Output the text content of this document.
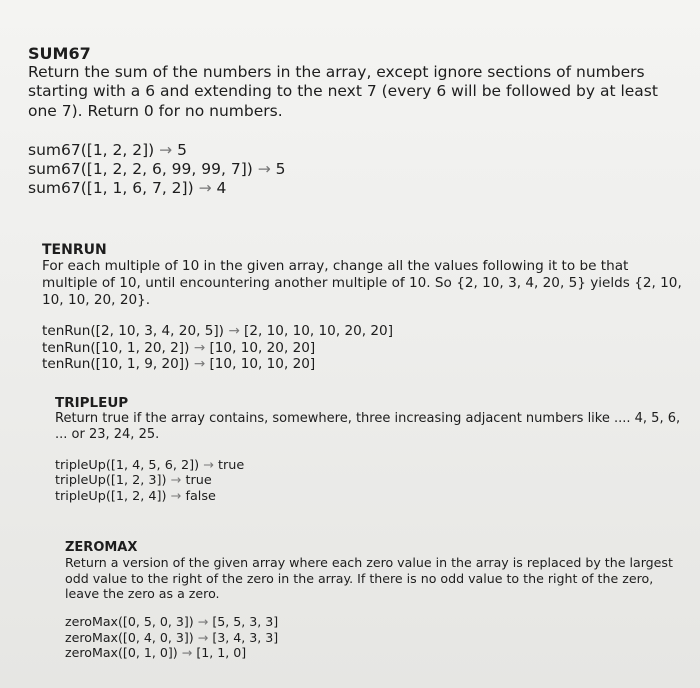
SUM67
Return the sum of the numbers in the array, except ignore sections of numbers starting with a 6 and extending to the next 7 (every 6 will be followed by at least one 7). Return 0 for no numbers.
sum67([1, 2, 2]) → 5
sum67([1, 2, 2, 6, 99, 99, 7]) → 5
sum67([1, 1, 6, 7, 2]) → 4
TENRUN
For each multiple of 10 in the given array, change all the values following it to be that multiple of 10, until encountering another multiple of 10. So {2, 10, 3, 4, 20, 5} yields {2, 10, 10, 10, 20, 20}.
tenRun([2, 10, 3, 4, 20, 5]) → [2, 10, 10, 10, 20, 20]
tenRun([10, 1, 20, 2]) → [10, 10, 20, 20]
tenRun([10, 1, 9, 20]) → [10, 10, 10, 20]
TRIPLEUP
Return true if the array contains, somewhere, three increasing adjacent numbers like .... 4, 5, 6, ... or 23, 24, 25.
tripleUp([1, 4, 5, 6, 2]) → true
tripleUp([1, 2, 3]) → true
tripleUp([1, 2, 4]) → false
ZEROMAX
Return a version of the given array where each zero value in the array is replaced by the largest odd value to the right of the zero in the array. If there is no odd value to the right of the zero, leave the zero as a zero.
zeroMax([0, 5, 0, 3]) → [5, 5, 3, 3]
zeroMax([0, 4, 0, 3]) → [3, 4, 3, 3]
zeroMax([0, 1, 0]) → [1, 1, 0]
